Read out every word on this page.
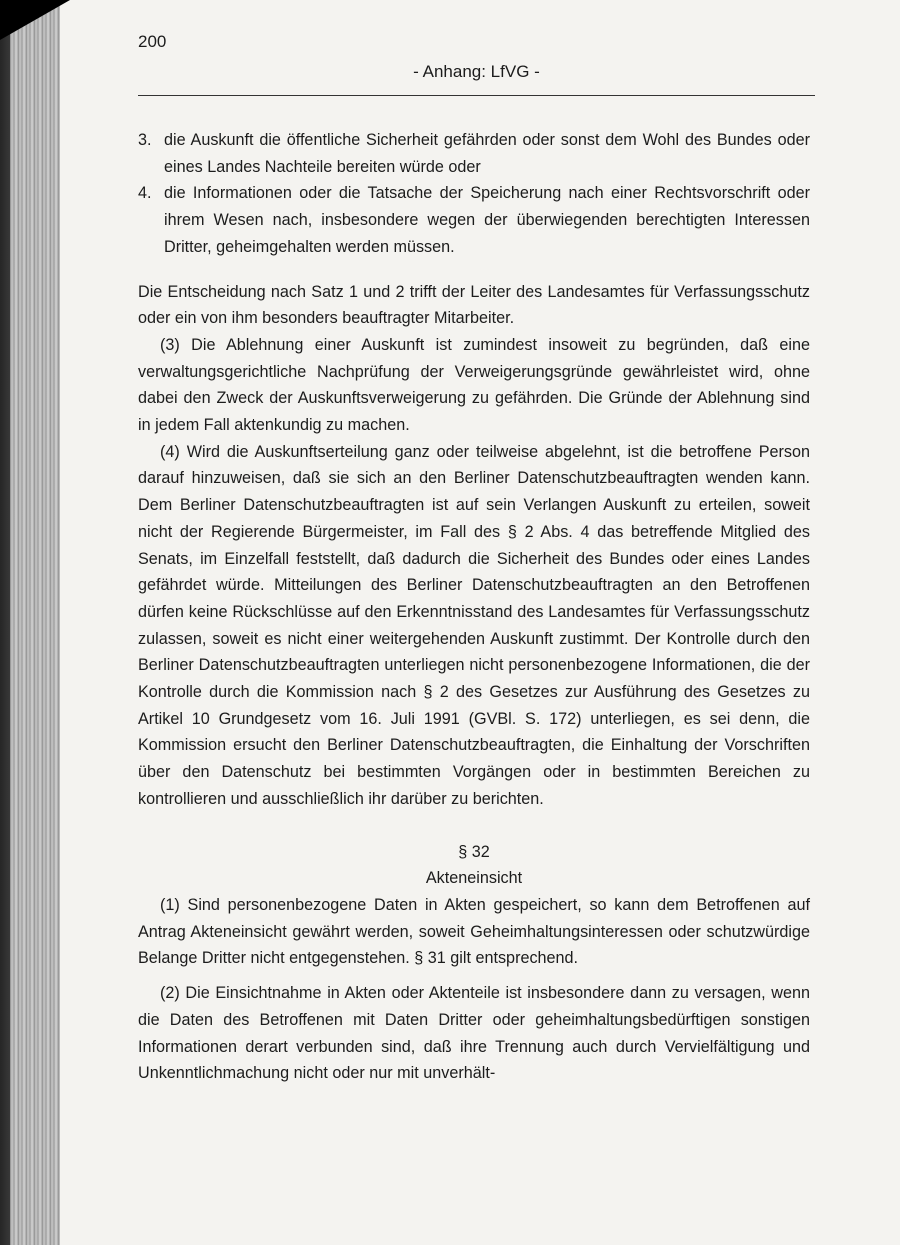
200
- Anhang: LfVG -
3. die Auskunft die öffentliche Sicherheit gefährden oder sonst dem Wohl des Bundes oder eines Landes Nachteile bereiten würde oder

4. die Informationen oder die Tatsache der Speicherung nach einer Rechtsvorschrift oder ihrem Wesen nach, insbesondere wegen der überwiegenden berechtigten Interessen Dritter, geheimgehalten werden müssen.

Die Entscheidung nach Satz 1 und 2 trifft der Leiter des Landesamtes für Verfassungsschutz oder ein von ihm besonders beauftragter Mitarbeiter.

(3) Die Ablehnung einer Auskunft ist zumindest insoweit zu begründen, daß eine verwaltungsgerichtliche Nachprüfung der Verweigerungsgründe gewährleistet wird, ohne dabei den Zweck der Auskunftsverweigerung zu gefährden. Die Gründe der Ablehnung sind in jedem Fall aktenkundig zu machen.

(4) Wird die Auskunftserteilung ganz oder teilweise abgelehnt, ist die betroffene Person darauf hinzuweisen, daß sie sich an den Berliner Datenschutzbeauftragten wenden kann. Dem Berliner Datenschutzbeauftragten ist auf sein Verlangen Auskunft zu erteilen, soweit nicht der Regierende Bürgermeister, im Fall des § 2 Abs. 4 das betreffende Mitglied des Senats, im Einzelfall feststellt, daß dadurch die Sicherheit des Bundes oder eines Landes gefährdet würde. Mitteilungen des Berliner Datenschutzbeauftragten an den Betroffenen dürfen keine Rückschlüsse auf den Erkenntnisstand des Landesamtes für Verfassungsschutz zulassen, soweit es nicht einer weitergehenden Auskunft zustimmt. Der Kontrolle durch den Berliner Datenschutzbeauftragten unterliegen nicht personenbezogene Informationen, die der Kontrolle durch die Kommission nach § 2 des Gesetzes zur Ausführung des Gesetzes zu Artikel 10 Grundgesetz vom 16. Juli 1991 (GVBl. S. 172) unterliegen, es sei denn, die Kommission ersucht den Berliner Datenschutzbeauftragten, die Einhaltung der Vorschriften über den Datenschutz bei bestimmten Vorgängen oder in bestimmten Bereichen zu kontrollieren und ausschließlich ihr darüber zu berichten.

§ 32

Akteneinsicht

(1) Sind personenbezogene Daten in Akten gespeichert, so kann dem Betroffenen auf Antrag Akteneinsicht gewährt werden, soweit Geheimhaltungsinteressen oder schutzwürdige Belange Dritter nicht entgegenstehen. § 31 gilt entsprechend.

(2) Die Einsichtnahme in Akten oder Aktenteile ist insbesondere dann zu versagen, wenn die Daten des Betroffenen mit Daten Dritter oder geheimhaltungsbedürftigen sonstigen Informationen derart verbunden sind, daß ihre Trennung auch durch Vervielfältigung und Unkenntlichmachung nicht oder nur mit unverhält-
